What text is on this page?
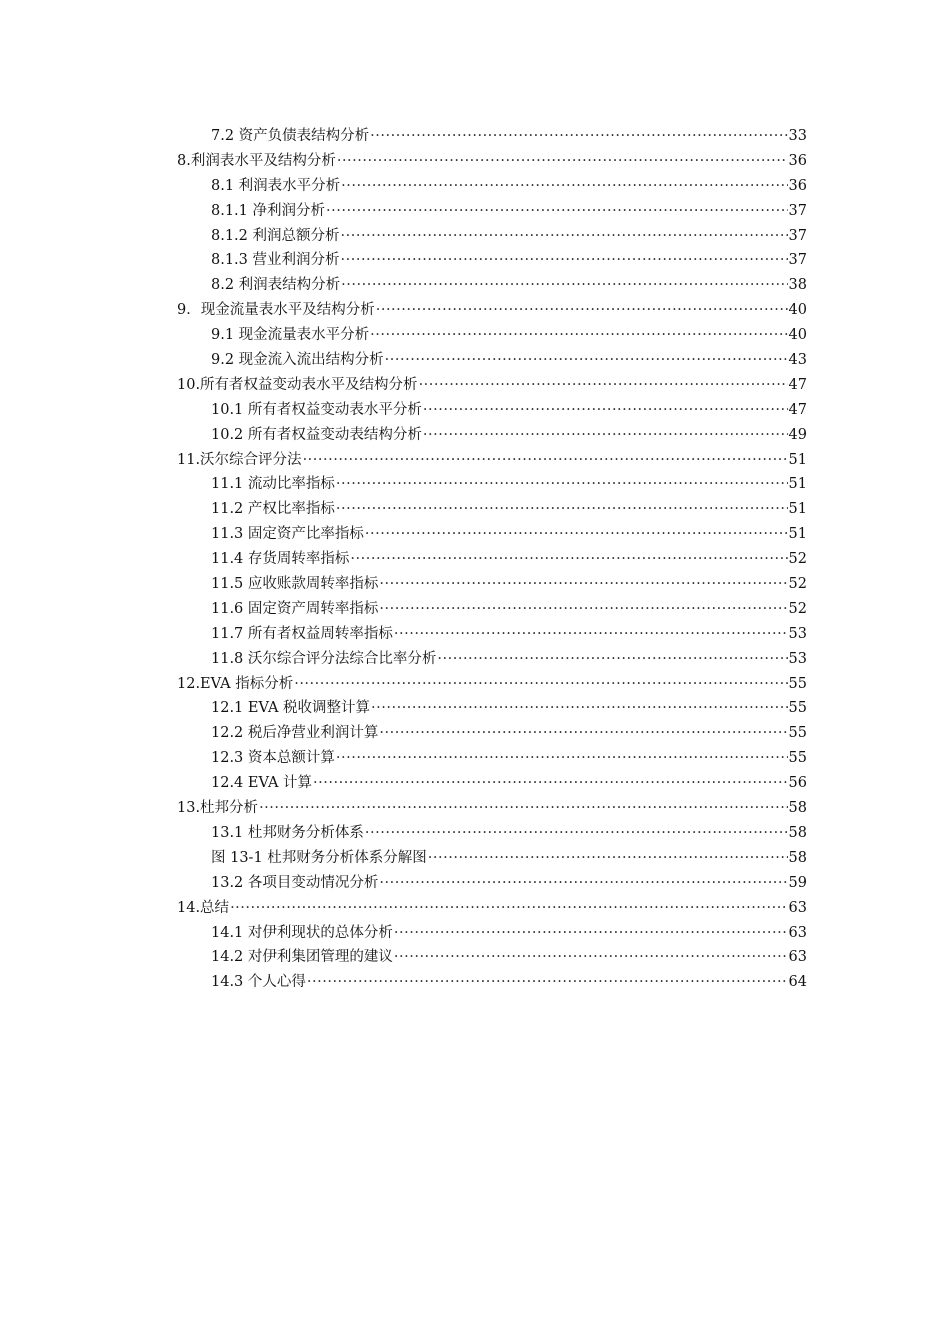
7.2 资产负债表结构分析 ·····	33
8.利润表水平及结构分析 ·····	36
8.1 利润表水平分析 ·····	36
8.1.1 净利润分析 ·····	37
8.1.2 利润总额分析 ·····	37
8.1.3 营业利润分析 ·····	37
8.2 利润表结构分析 ·····	38
9．现金流量表水平及结构分析 ·····	40
9.1 现金流量表水平分析 ·····	40
9.2 现金流入流出结构分析 ·····	43
10.所有者权益变动表水平及结构分析 ·····	47
10.1 所有者权益变动表水平分析 ·····	47
10.2 所有者权益变动表结构分析 ·····	49
11.沃尔综合评分法 ·····	51
11.1 流动比率指标 ·····	51
11.2 产权比率指标 ·····	51
11.3 固定资产比率指标 ·····	51
11.4 存货周转率指标 ·····	52
11.5 应收账款周转率指标 ·····	52
11.6 固定资产周转率指标 ·····	52
11.7 所有者权益周转率指标 ·····	53
11.8 沃尔综合评分法综合比率分析 ·····	53
12.EVA 指标分析 ·····	55
12.1 EVA 税收调整计算 ·····	55
12.2 税后净营业利润计算 ·····	55
12.3 资本总额计算 ·····	55
12.4 EVA 计算 ·····	56
13.杜邦分析 ·····	58
13.1 杜邦财务分析体系 ·····	58
图 13-1 杜邦财务分析体系分解图 ·····	58
13.2 各项目变动情况分析 ·····	59
14.总结 ·····	63
14.1 对伊利现状的总体分析 ·····	63
14.2 对伊利集团管理的建议 ·····	63
14.3 个人心得 ·····	64
